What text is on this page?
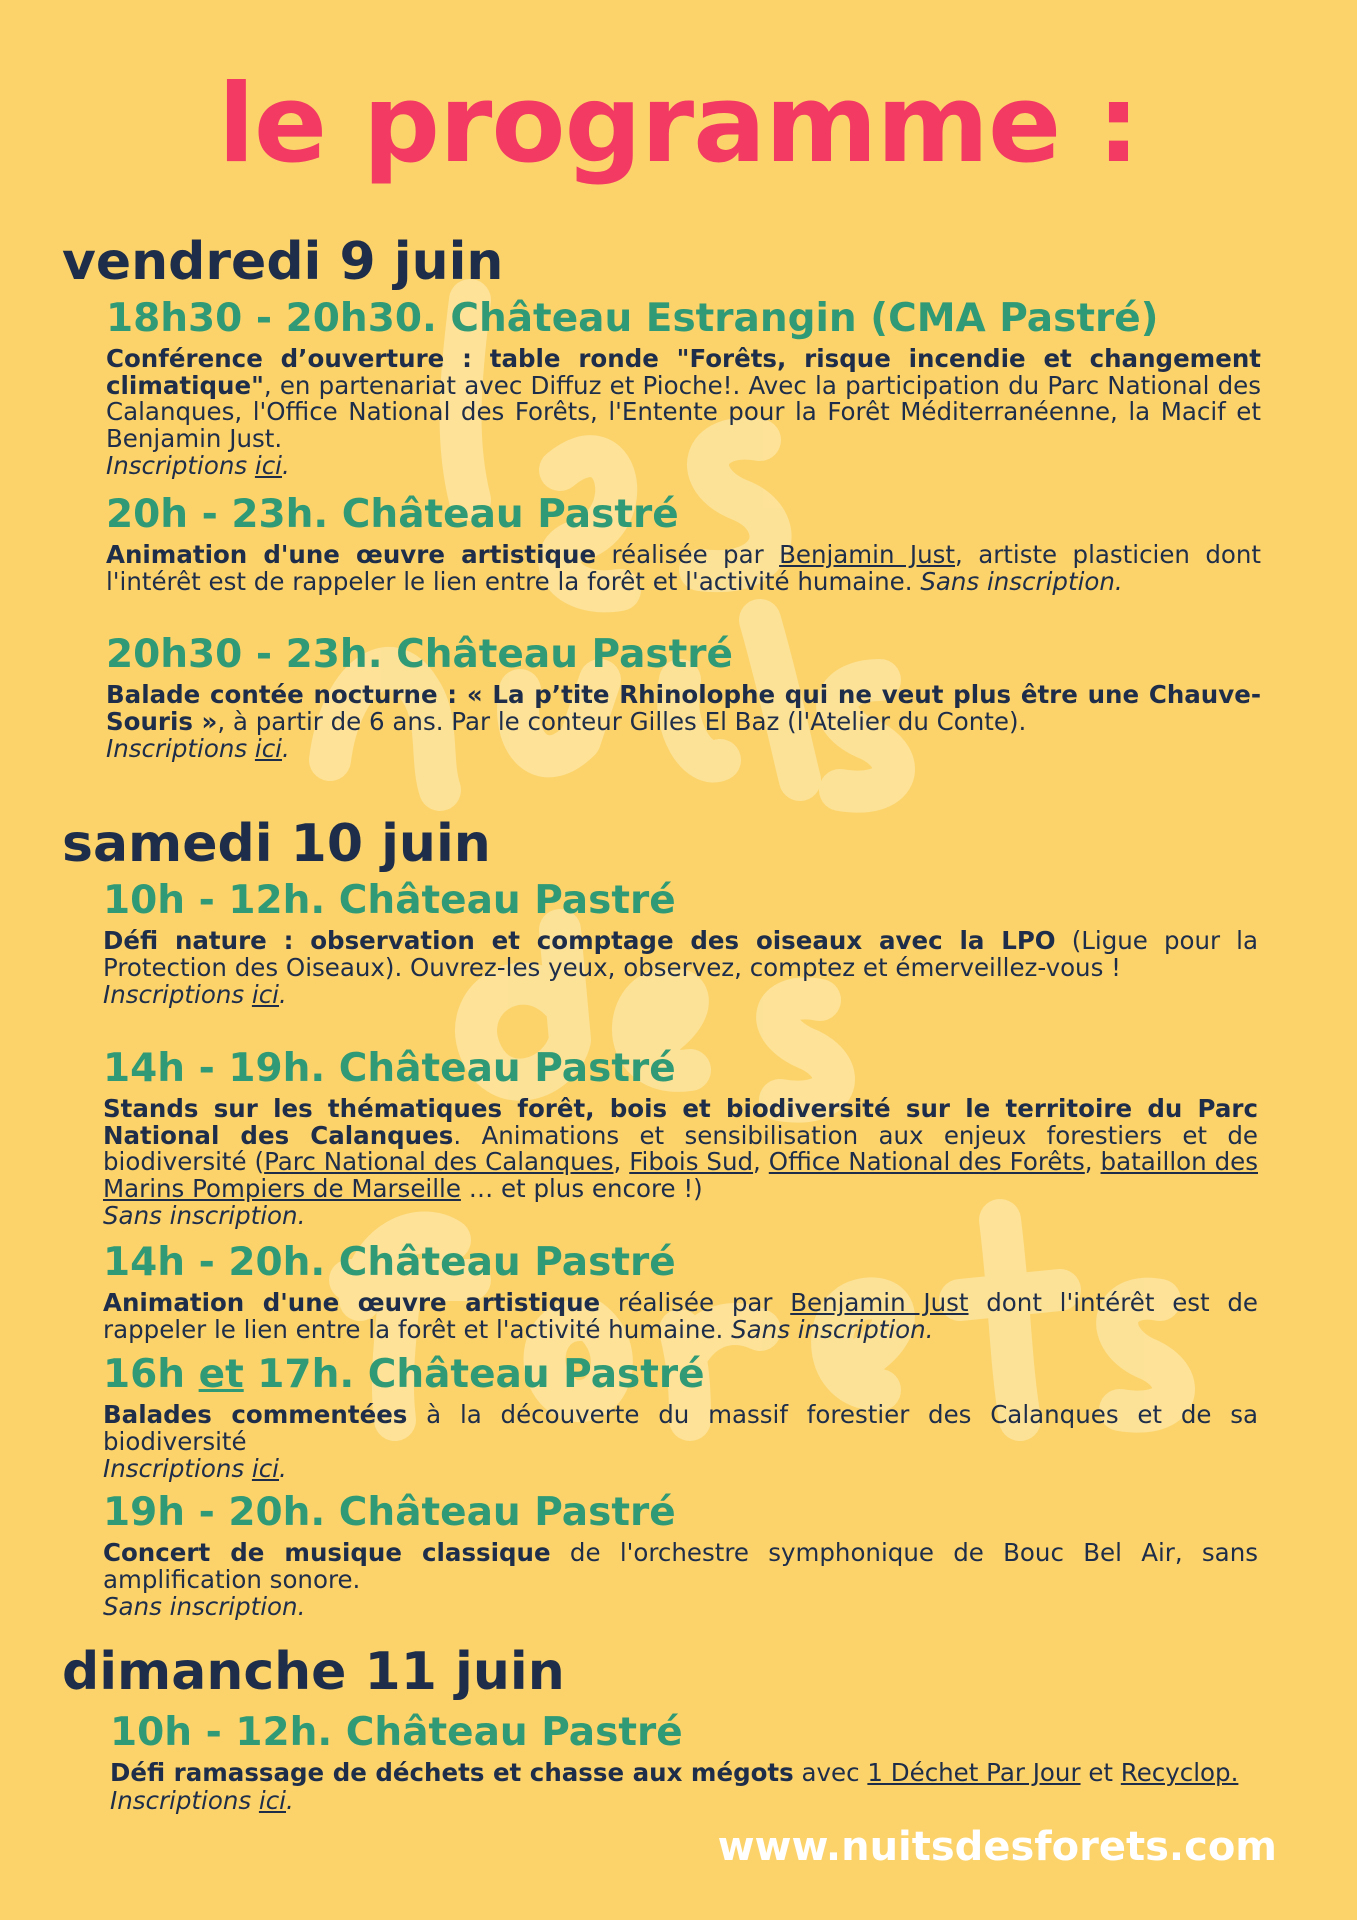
le programme :
vendredi 9 juin

18h30 - 20h30. Château Estrangin (CMA Pastré)

Conférence d’ouverture : table ronde "Forêts, risque incendie et changement climatique", en partenariat avec Diffuz et Pioche!. Avec la participation du Parc National des Calanques, l'Office National des Forêts, l'Entente pour la Forêt Méditerranéenne, la Macif et Benjamin Just.

Inscriptions ici.

20h - 23h. Château Pastré

Animation d'une œuvre artistique réalisée par Benjamin Just, artiste plasticien dont l'intérêt est de rappeler le lien entre la forêt et l'activité humaine. Sans inscription.

20h30 - 23h. Château Pastré

Balade contée nocturne : « La p’tite Rhinolophe qui ne veut plus être une Chauve-Souris », à partir de 6 ans. Par le conteur Gilles El Baz (l'Atelier du Conte).

Inscriptions ici.

samedi 10 juin

10h - 12h. Château Pastré

Défi nature : observation et comptage des oiseaux avec la LPO (Ligue pour la Protection des Oiseaux). Ouvrez-les yeux, observez, comptez et émerveillez-vous !

Inscriptions ici.

14h - 19h. Château Pastré

Stands sur les thématiques forêt, bois et biodiversité sur le territoire du Parc National des Calanques. Animations et sensibilisation aux enjeux forestiers et de biodiversité (Parc National des Calanques, Fibois Sud, Office National des Forêts, bataillon des Marins Pompiers de Marseille … et plus encore !)

Sans inscription.

14h - 20h. Château Pastré

Animation d'une œuvre artistique réalisée par Benjamin Just dont l'intérêt est de rappeler le lien entre la forêt et l'activité humaine. Sans inscription.

16h et 17h. Château Pastré

Balades commentées à la découverte du massif forestier des Calanques et de sa biodiversité

Inscriptions ici.

19h - 20h. Château Pastré

Concert de musique classique de l'orchestre symphonique de Bouc Bel Air, sans amplification sonore.

Sans inscription.

dimanche 11 juin

10h - 12h. Château Pastré

Défi ramassage de déchets et chasse aux mégots avec 1 Déchet Par Jour et Recyclop.

Inscriptions ici.

www.nuitsdesforets.com
